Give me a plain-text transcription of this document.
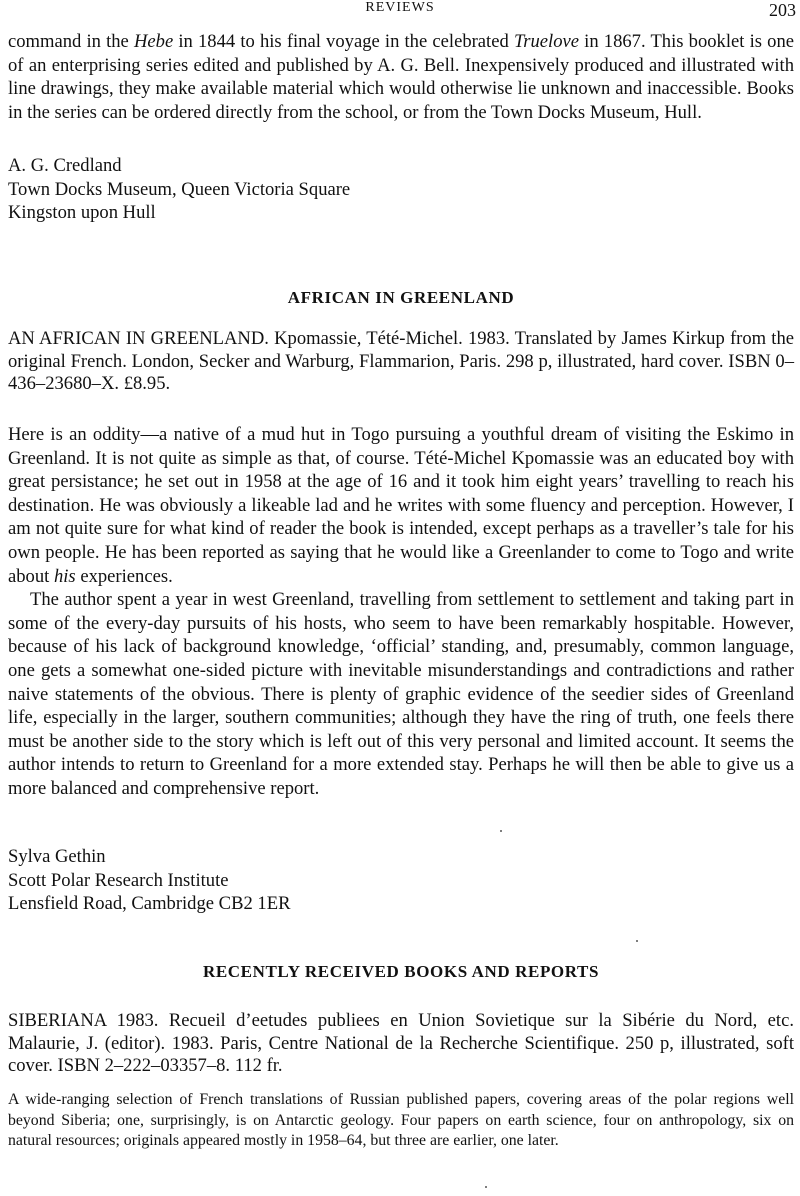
REVIEWS	203

command in the Hebe in 1844 to his final voyage in the celebrated Truelove in 1867. This booklet is one of an enterprising series edited and published by A. G. Bell. Inexpensively produced and illustrated with line drawings, they make available material which would otherwise lie unknown and inaccessible. Books in the series can be ordered directly from the school, or from the Town Docks Museum, Hull.

A. G. Credland
Town Docks Museum, Queen Victoria Square
Kingston upon Hull
AFRICAN IN GREENLAND

AN AFRICAN IN GREENLAND. Kpomassie, Tété-Michel. 1983. Translated by James Kirkup from the original French. London, Secker and Warburg, Flammarion, Paris. 298 p, illustrated, hard cover. ISBN 0–436–23680–X. £8.95.

Here is an oddity—a native of a mud hut in Togo pursuing a youthful dream of visiting the Eskimo in Greenland. It is not quite as simple as that, of course. Tété-Michel Kpomassie was an educated boy with great persistance; he set out in 1958 at the age of 16 and it took him eight years’ travelling to reach his destination. He was obviously a likeable lad and he writes with some fluency and perception. However, I am not quite sure for what kind of reader the book is intended, except perhaps as a traveller’s tale for his own people. He has been reported as saying that he would like a Greenlander to come to Togo and write about his experiences.

The author spent a year in west Greenland, travelling from settlement to settlement and taking part in some of the every-day pursuits of his hosts, who seem to have been remarkably hospitable. However, because of his lack of background knowledge, ‘official’ standing, and, presumably, common language, one gets a somewhat one-sided picture with inevitable misunderstandings and contradictions and rather naive statements of the obvious. There is plenty of graphic evidence of the seedier sides of Greenland life, especially in the larger, southern communities; although they have the ring of truth, one feels there must be another side to the story which is left out of this very personal and limited account. It seems the author intends to return to Greenland for a more extended stay. Perhaps he will then be able to give us a more balanced and comprehensive report.

Sylva Gethin
Scott Polar Research Institute
Lensfield Road, Cambridge CB2 1ER
RECENTLY RECEIVED BOOKS AND REPORTS

SIBERIANA 1983. Recueil d’eetudes publiees en Union Sovietique sur la Sibérie du Nord, etc. Malaurie, J. (editor). 1983. Paris, Centre National de la Recherche Scientifique. 250 p, illustrated, soft cover. ISBN 2–222–03357–8. 112 fr.

A wide-ranging selection of French translations of Russian published papers, covering areas of the polar regions well beyond Siberia; one, surprisingly, is on Antarctic geology. Four papers on earth science, four on anthropology, six on natural resources; originals appeared mostly in 1958–64, but three are earlier, one later.
